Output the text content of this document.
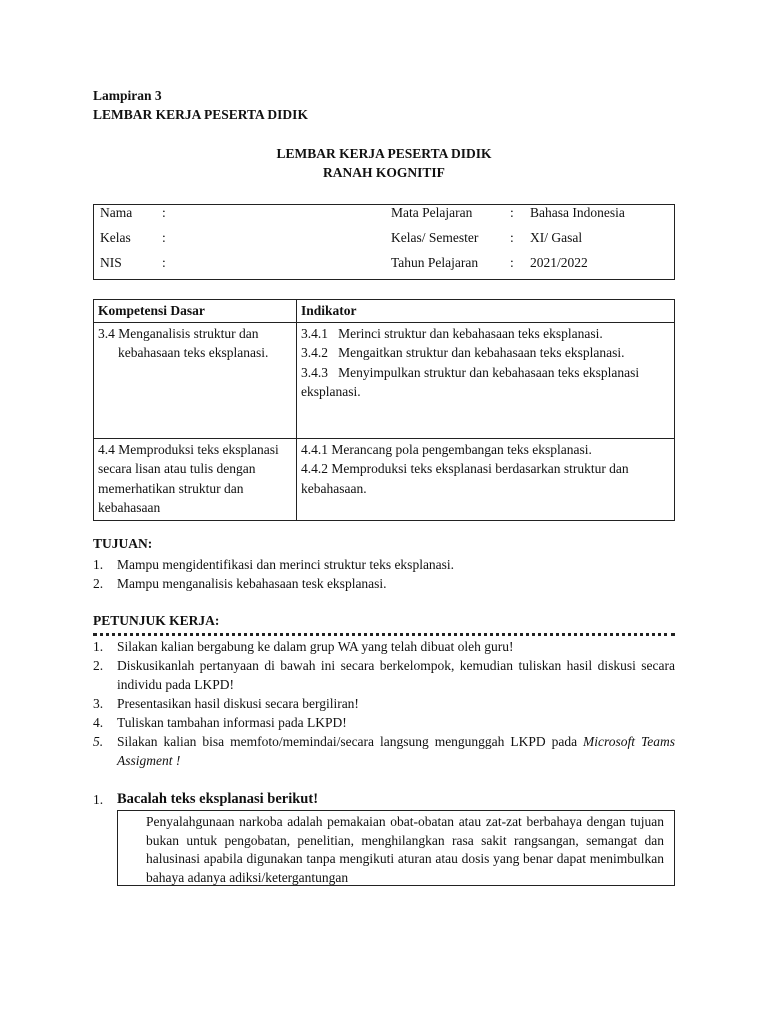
Lampiran 3
LEMBAR KERJA PESERTA DIDIK
LEMBAR KERJA PESERTA DIDIK
RANAH KOGNITIF
Nama :	Mata Pelajaran	: Bahasa Indonesia
Kelas :	Kelas/ Semester : XI/ Gasal
NIS	:	Tahun Pelajaran : 2021/2022
Kompetensi Dasar	Indikator

3.4 Menganalisis struktur dan kebahasaan teks eksplanasi.	3.4.1   Merinci struktur dan kebahasaan teks eksplanasi.
3.4.2   Mengaitkan struktur dan kebahasaan teks eksplanasi.
3.4.3   Menyimpulkan struktur dan kebahasaan teks eksplanasi eksplanasi.

4.4 Memproduksi teks eksplanasi secara lisan atau tulis dengan memerhatikan struktur dan kebahasaan	4.4.1 Merancang pola pengembangan teks eksplanasi.
4.4.2 Memproduksi teks eksplanasi berdasarkan struktur dan kebahasaan.
TUJUAN:
1. Mampu mengidentifikasi dan merinci struktur teks eksplanasi.
2. Mampu menganalisis kebahasaan tesk eksplanasi.
PETUNJUK KERJA:
1. Silakan kalian bergabung ke dalam grup WA yang telah dibuat oleh guru!
2. Diskusikanlah pertanyaan di bawah ini secara berkelompok, kemudian tuliskan hasil diskusi secara individu pada LKPD!
3. Presentasikan hasil diskusi secara bergiliran!
4. Tuliskan tambahan informasi pada LKPD!
5. Silakan kalian bisa memfoto/memindai/secara langsung mengunggah LKPD pada Microsoft Teams Assigment !
1. Bacalah teks eksplanasi berikut!
Penyalahgunaan narkoba adalah pemakaian obat-obatan atau zat-zat berbahaya dengan tujuan bukan untuk pengobatan, penelitian, menghilangkan rasa sakit rangsangan, semangat dan halusinasi apabila digunakan tanpa mengikuti aturan atau dosis yang benar dapat menimbulkan bahaya adanya adiksi/ketergantungan
